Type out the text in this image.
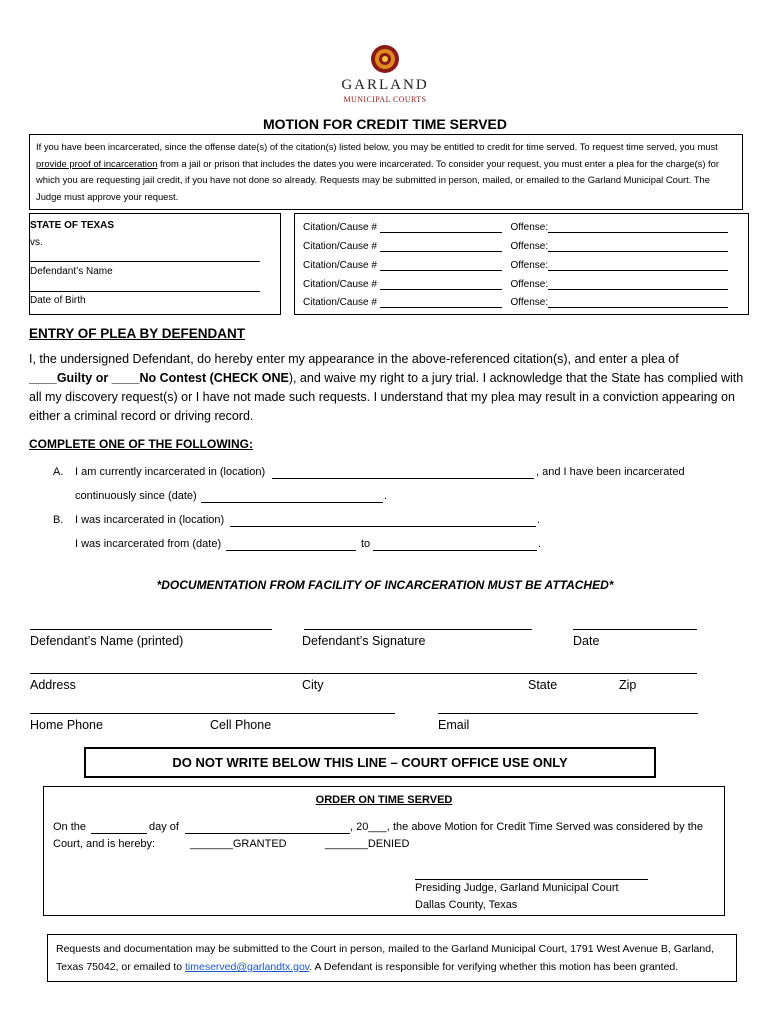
GARLAND
MUNICIPAL COURTS
MOTION FOR CREDIT TIME SERVED
If you have been incarcerated, since the offense date(s) of the citation(s) listed below, you may be entitled to credit for time served. To request time served, you must provide proof of incarceration from a jail or prison that includes the dates you were incarcerated. To consider your request, you must enter a plea for the charge(s) for which you are requesting jail credit, if you have not done so already. Requests may be submitted in person, mailed, or emailed to the Garland Municipal Court. The Judge must approve your request.
STATE OF TEXAS
vs.
Defendant’s Name
Date of Birth
Citation/Cause #	Offense:
Citation/Cause #	Offense:
Citation/Cause #	Offense:
Citation/Cause #	Offense:
Citation/Cause #	Offense:
ENTRY OF PLEA BY DEFENDANT
I, the undersigned Defendant, do hereby enter my appearance in the above-referenced citation(s), and enter a plea of ____Guilty or ____No Contest (CHECK ONE), and waive my right to a jury trial. I acknowledge that the State has complied with all my discovery request(s) or I have not made such requests. I understand that my plea may result in a conviction appearing on either a criminal record or driving record.
COMPLETE ONE OF THE FOLLOWING:
A. I am currently incarcerated in (location)	, and I have been incarcerated
continuously since (date)	.
B. I was incarcerated in (location)	.
I was incarcerated from (date)	to	.
*DOCUMENTATION FROM FACILITY OF INCARCERATION MUST BE ATTACHED*
Defendant’s Name (printed)	Defendant’s Signature	Date
Address	City	State	Zip
Home Phone	Cell Phone	Email
DO NOT WRITE BELOW THIS LINE – COURT OFFICE USE ONLY
ORDER ON TIME SERVED
On the	day of	, 20___, the above Motion for Credit Time Served was considered by the
Court, and is hereby:	_______GRANTED	_______DENIED
Presiding Judge, Garland Municipal Court
Dallas County, Texas
Requests and documentation may be submitted to the Court in person, mailed to the Garland Municipal Court, 1791 West Avenue B, Garland, Texas 75042, or emailed to timeserved@garlandtx.gov. A Defendant is responsible for verifying whether this motion has been granted.
